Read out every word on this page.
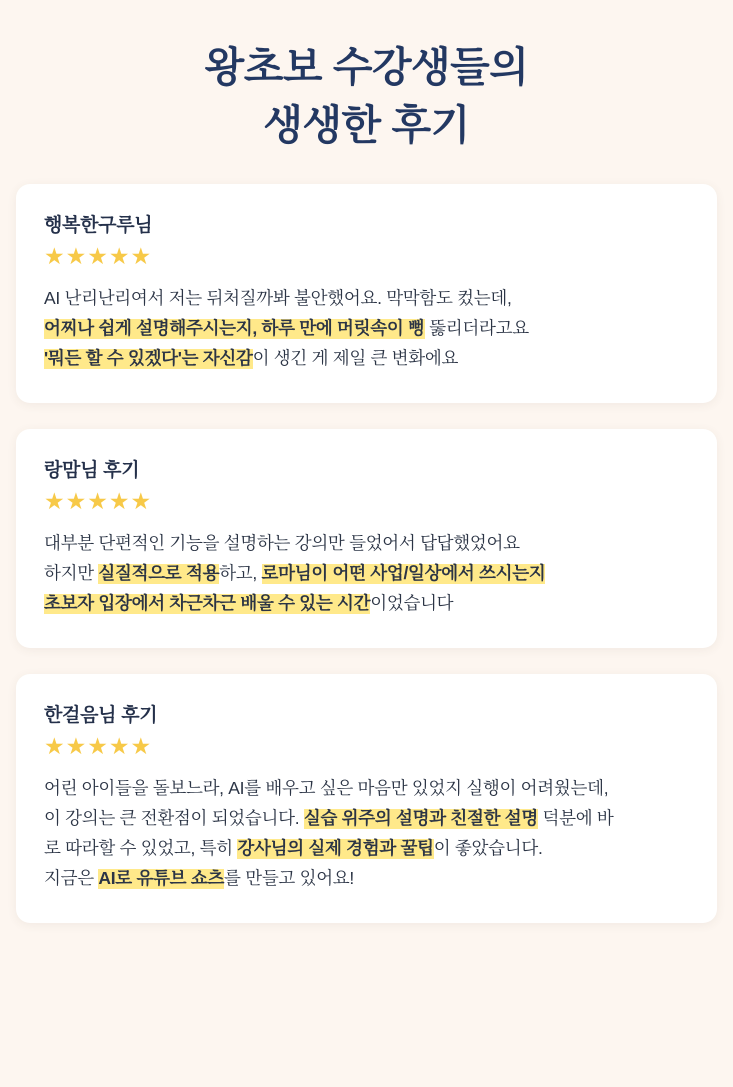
왕초보 수강생들의
생생한 후기
행복한구루님
★★★★★
AI 난리난리여서 저는 뒤처질까봐 불안했어요. 막막함도 컸는데,
어찌나 쉽게 설명해주시는지, 하루 만에 머릿속이 뻥 뚫리더라고요
'뭐든 할 수 있겠다'는 자신감이 생긴 게 제일 큰 변화에요
랑맘님 후기
★★★★★
대부분 단편적인 기능을 설명하는 강의만 들었어서 답답했었어요
하지만 실질적으로 적용하고, 로마님이 어떤 사업/일상에서 쓰시는지
초보자 입장에서 차근차근 배울 수 있는 시간이었습니다
한걸음님 후기
★★★★★
어린 아이들을 돌보느라, AI를 배우고 싶은 마음만 있었지 실행이 어려웠는데,
이 강의는 큰 전환점이 되었습니다. 실습 위주의 설명과 친절한 설명 덕분에 바
로 따라할 수 있었고, 특히 강사님의 실제 경험과 꿀팁이 좋았습니다.
지금은 AI로 유튜브 쇼츠를 만들고 있어요!
